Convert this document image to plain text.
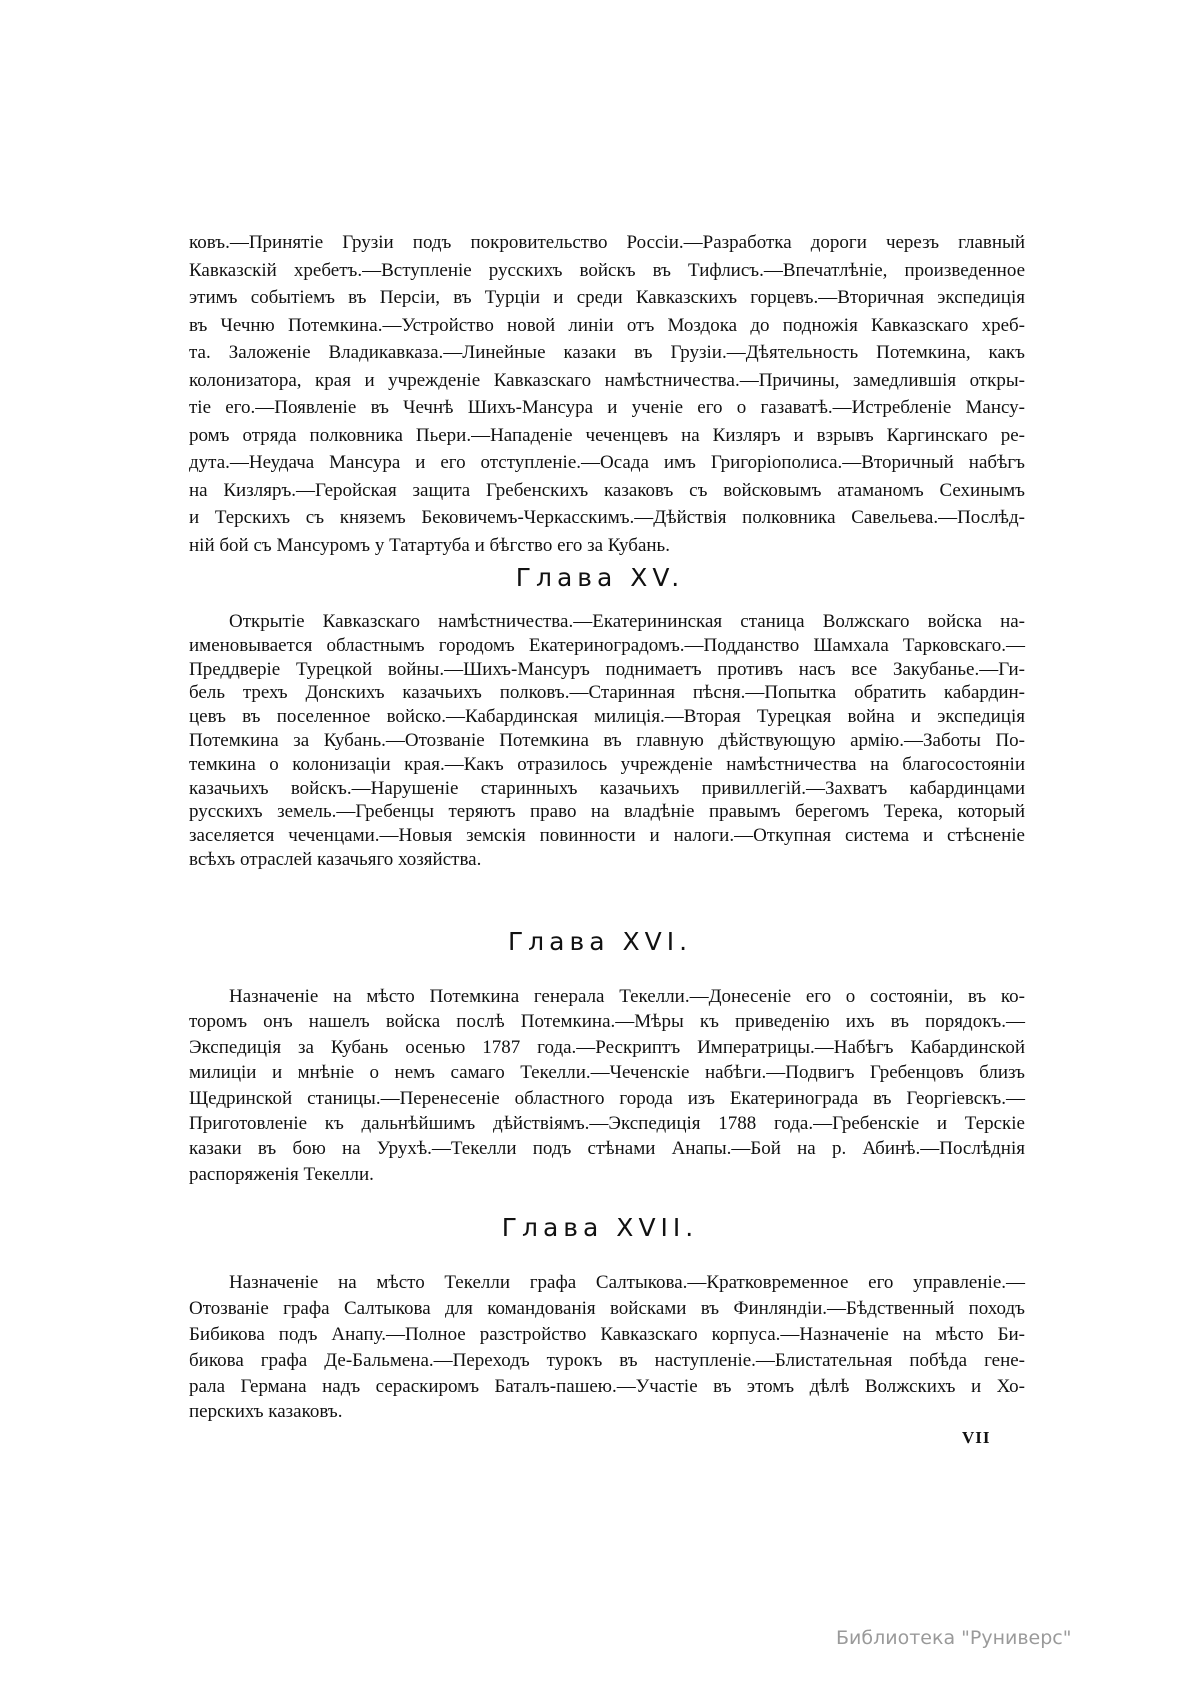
ковъ.—Принятіе Грузіи подъ покровительство Россіи.—Разработка дороги черезъ главный
Кавказскій хребетъ.—Вступленіе русскихъ войскъ въ Тифлисъ.—Впечатлѣніе, произведенное
этимъ событіемъ въ Персіи, въ Турціи и среди Кавказскихъ горцевъ.—Вторичная экспедиція
въ Чечню Потемкина.—Устройство новой линіи отъ Моздока до подножія Кавказскаго хреб-
та. Заложеніе Владикавказа.—Линейные казаки въ Грузіи.—Дѣятельность Потемкина, какъ
колонизатора, края и учрежденіе Кавказскаго намѣстничества.—Причины, замедлившія откры-
тіе его.—Появленіе въ Чечнѣ Шихъ-Мансура и ученіе его о газаватѣ.—Истребленіе Мансу-
ромъ отряда полковника Пьери.—Нападеніе чеченцевъ на Кизляръ и взрывъ Каргинскаго ре-
дута.—Неудача Мансура и его отступленіе.—Осада имъ Григоріополиса.—Вторичный набѣгъ
на Кизляръ.—Геройская защита Гребенскихъ казаковъ съ войсковымъ атаманомъ Сехинымъ
и Терскихъ съ княземъ Бековичемъ-Черкасскимъ.—Дѣйствія полковника Савельева.—Послѣд-
ній бой съ Мансуромъ у Татартуба и бѣгство его за Кубань.
Глава XV.
Открытіе Кавказскаго намѣстничества.—Екатерининская станица Волжскаго войска на-
именовывается областнымъ городомъ Екатериноградомъ.—Подданство Шамхала Тарковскаго.—
Преддверіе Турецкой войны.—Шихъ-Мансуръ поднимаетъ противъ насъ все Закубанье.—Ги-
бель трехъ Донскихъ казачьихъ полковъ.—Старинная пѣсня.—Попытка обратить кабардин-
цевъ въ поселенное войско.—Кабардинская милиція.—Вторая Турецкая война и экспедиція
Потемкина за Кубань.—Отозваніе Потемкина въ главную дѣйствующую армію.—Заботы По-
темкина о колонизаціи края.—Какъ отразилось учрежденіе намѣстничества на благосостояніи
казачьихъ войскъ.—Нарушеніе старинныхъ казачьихъ привиллегій.—Захватъ кабардинцами
русскихъ земель.—Гребенцы теряютъ право на владѣніе правымъ берегомъ Терека, который
заселяется чеченцами.—Новыя земскія повинности и налоги.—Откупная система и стѣсненіе
всѣхъ отраслей казачьяго хозяйства.
Глава XVI.
Назначеніе на мѣсто Потемкина генерала Текелли.—Донесеніе его о состояніи, въ ко-
торомъ онъ нашелъ войска послѣ Потемкина.—Мѣры къ приведенію ихъ въ порядокъ.—
Экспедиція за Кубань осенью 1787 года.—Рескриптъ Императрицы.—Набѣгъ Кабардинской
милиціи и мнѣніе о немъ самаго Текелли.—Чеченскіе набѣги.—Подвигъ Гребенцовъ близъ
Щедринской станицы.—Перенесеніе областного города изъ Екатеринограда въ Георгіевскъ.—
Приготовленіе къ дальнѣйшимъ дѣйствіямъ.—Экспедиція 1788 года.—Гребенскіе и Терскіе
казаки въ бою на Урухѣ.—Текелли подъ стѣнами Анапы.—Бой на р. Абинѣ.—Послѣднія
распоряженія Текелли.
Глава XVII.
Назначеніе на мѣсто Текелли графа Салтыкова.—Кратковременное его управленіе.—
Отозваніе графа Салтыкова для командованія войсками въ Финляндіи.—Бѣдственный походъ
Бибикова подъ Анапу.—Полное разстройство Кавказскаго корпуса.—Назначеніе на мѣсто Би-
бикова графа Де-Бальмена.—Переходъ турокъ въ наступленіе.—Блистательная побѣда гене-
рала Германа надъ сераскиромъ Баталъ-пашею.—Участіе въ этомъ дѣлѣ Волжскихъ и Хо-
перскихъ казаковъ.
VII
Библиотека "Руниверс"
